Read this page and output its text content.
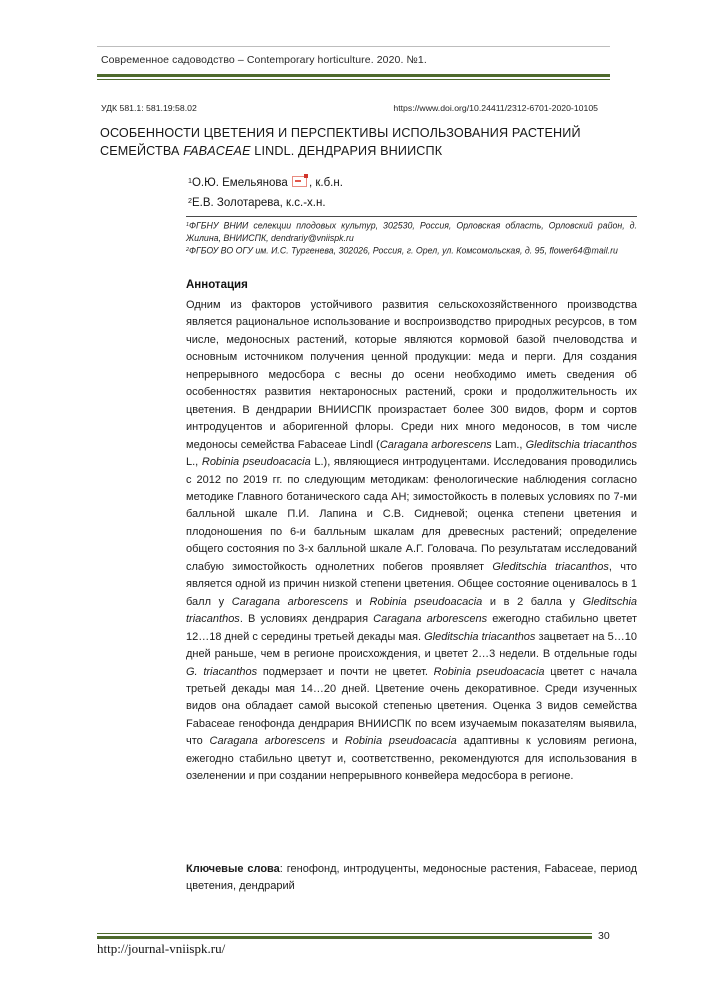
Современное садоводство – Contemporary horticulture. 2020. №1.
УДК 581.1: 581.19:58.02	https://www.doi.org/10.24411/2312-6701-2020-10105
ОСОБЕННОСТИ ЦВЕТЕНИЯ И ПЕРСПЕКТИВЫ ИСПОЛЬЗОВАНИЯ РАСТЕНИЙ СЕМЕЙСТВА FABACEAE LINDL. ДЕНДРАРИЯ ВНИИСПК
$^1$О.Ю. Емельянова , к.б.н.
$^2$Е.В. Золотарева, к.с.-х.н.

$^1$ФГБНУ ВНИИ селекции плодовых культур, 302530, Россия, Орловская область, Орловский район, д. Жилина, ВНИИСПК, dendrariy@vniispk.ru

$^2$ФГБОУ ВО ОГУ им. И.С. Тургенева, 302026, Россия, г. Орел, ул. Комсомольская, д. 95, flower64@mail.ru

Аннотация
Одним из факторов устойчивого развития сельскохозяйственного производства является рациональное использование и воспроизводство природных ресурсов, в том числе, медоносных растений, которые являются кормовой базой пчеловодства и основным источником получения ценной продукции: меда и перги. Для создания непрерывного медосбора с весны до осени необходимо иметь сведения об особенностях развития нектароносных растений, сроки и продолжительность их цветения. В дендрарии ВНИИСПК произрастает более 300 видов, форм и сортов интродуцентов и аборигенной флоры. Среди них много медоносов, в том числе медоносы семейства Fabaceae Lindl (Caragana arborescens Lam., Gleditschia triacanthos L., Robinia pseudoacacia L.), являющиеся интродуцентами. Исследования проводились с 2012 по 2019 гг. по следующим методикам: фенологические наблюдения согласно методике Главного ботанического сада АН; зимостойкость в полевых условиях по 7-ми балльной шкале П.И. Лапина и С.В. Сидневой; оценка степени цветения и плодоношения по 6-и балльным шкалам для древесных растений; определение общего состояния по 3-х балльной шкале А.Г. Головача. По результатам исследований слабую зимостойкость однолетних побегов проявляет Gleditschia triacanthos, что является одной из причин низкой степени цветения. Общее состояние оценивалось в 1 балл у Caragana arborescens и Robinia pseudoacacia и в 2 балла у Gleditschia triacanthos. В условиях дендрария Caragana arborescens ежегодно стабильно цветет 12…18 дней с середины третьей декады мая. Gleditschia triacanthos зацветает на 5…10 дней раньше, чем в регионе происхождения, и цветет 2…3 недели. В отдельные годы G. triacanthos подмерзает и почти не цветет. Robinia pseudoacacia цветет с начала третьей декады мая 14…20 дней. Цветение очень декоративное. Среди изученных видов она обладает самой высокой степенью цветения. Оценка 3 видов семейства Fabaceae генофонда дендрария ВНИИСПК по всем изучаемым показателям выявила, что Caragana arborescens и Robinia pseudoacacia адаптивны к условиям региона, ежегодно стабильно цветут и, соответственно, рекомендуются для использования в озеленении и при создании непрерывного конвейера медосбора в регионе.
Ключевые слова: генофонд, интродуценты, медоносные растения, Fabaceae, период цветения, дендрарий
30
http://journal-vniispk.ru/
